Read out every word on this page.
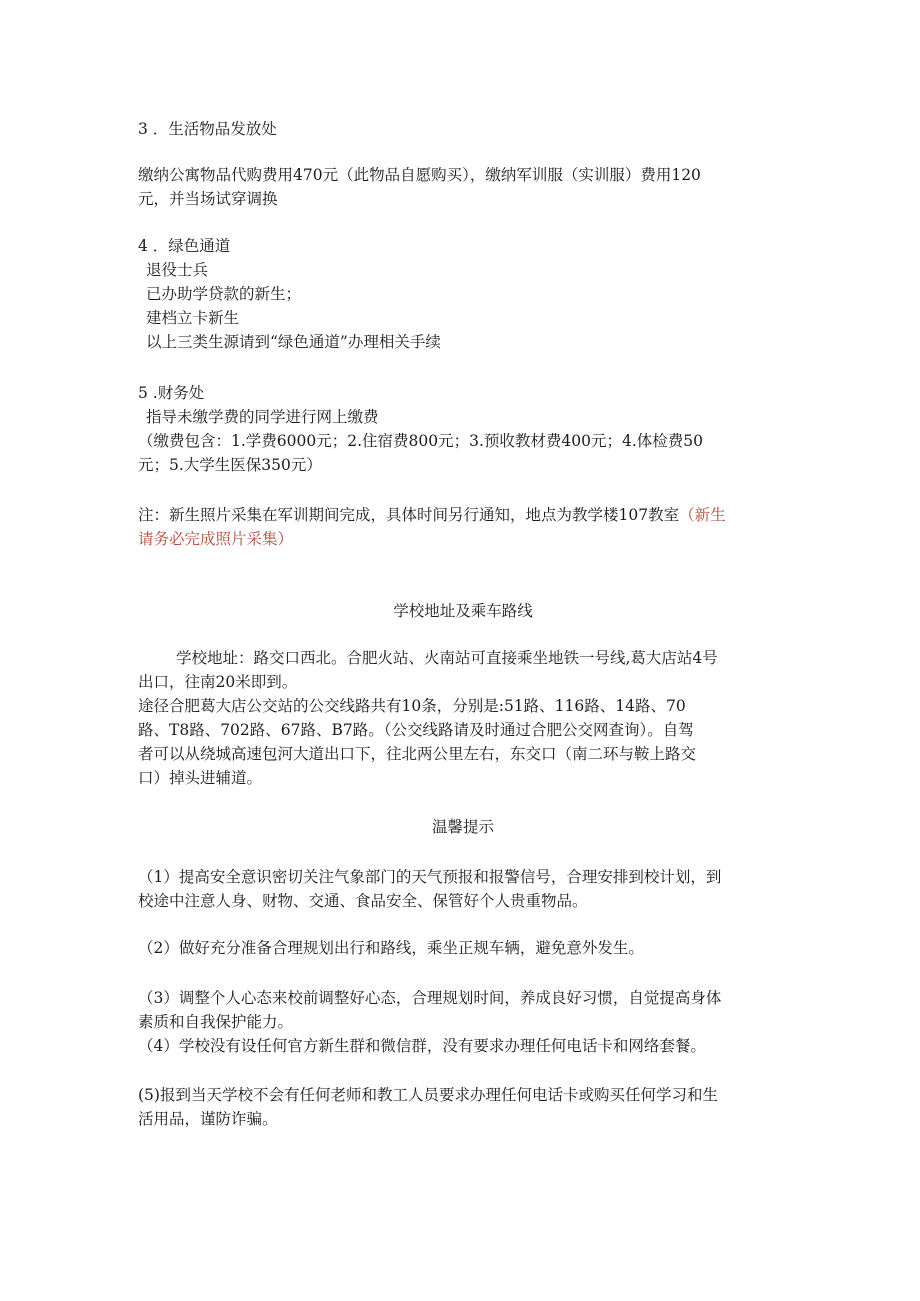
3 ．生活物品发放处

缴纳公寓物品代购费用470元（此物品自愿购买），缴纳军训服（实训服）费用120
元，并当场试穿调换

4 ．绿色通道
退役士兵
已办助学贷款的新生；
建档立卡新生
以上三类生源请到“绿色通道”办理相关手续

5 .财务处
指导未缴学费的同学进行网上缴费
（缴费包含：1.学费6000元；2.住宿费800元；3.预收教材费400元；4.体检费50
元；5.大学生医保350元）

注：新生照片采集在军训期间完成，具体时间另行通知，地点为教学楼107教室（新生
请务必完成照片采集）

学校地址及乘车路线

学校地址：路交口西北。合肥火站、火南站可直接乘坐地铁一号线,葛大店站4号
出口，往南20米即到。
途径合肥葛大店公交站的公交线路共有10条，分别是:51路、116路、14路、70
路、T8路、702路、67路、B7路。（公交线路请及时通过合肥公交网查询）。自驾
者可以从绕城高速包河大道出口下，往北两公里左右，东交口（南二环与鞍上路交
口）掉头进辅道。

温馨提示

（1）提高安全意识密切关注气象部门的天气预报和报警信号，合理安排到校计划，到
校途中注意人身、财物、交通、食品安全、保管好个人贵重物品。

（2）做好充分准备合理规划出行和路线，乘坐正规车辆，避免意外发生。

（3）调整个人心态来校前调整好心态，合理规划时间，养成良好习惯，自觉提高身体
素质和自我保护能力。
（4）学校没有设任何官方新生群和微信群，没有要求办理任何电话卡和网络套餐。

(5)报到当天学校不会有任何老师和教工人员要求办理任何电话卡或购买任何学习和生
活用品，谨防诈骗。
